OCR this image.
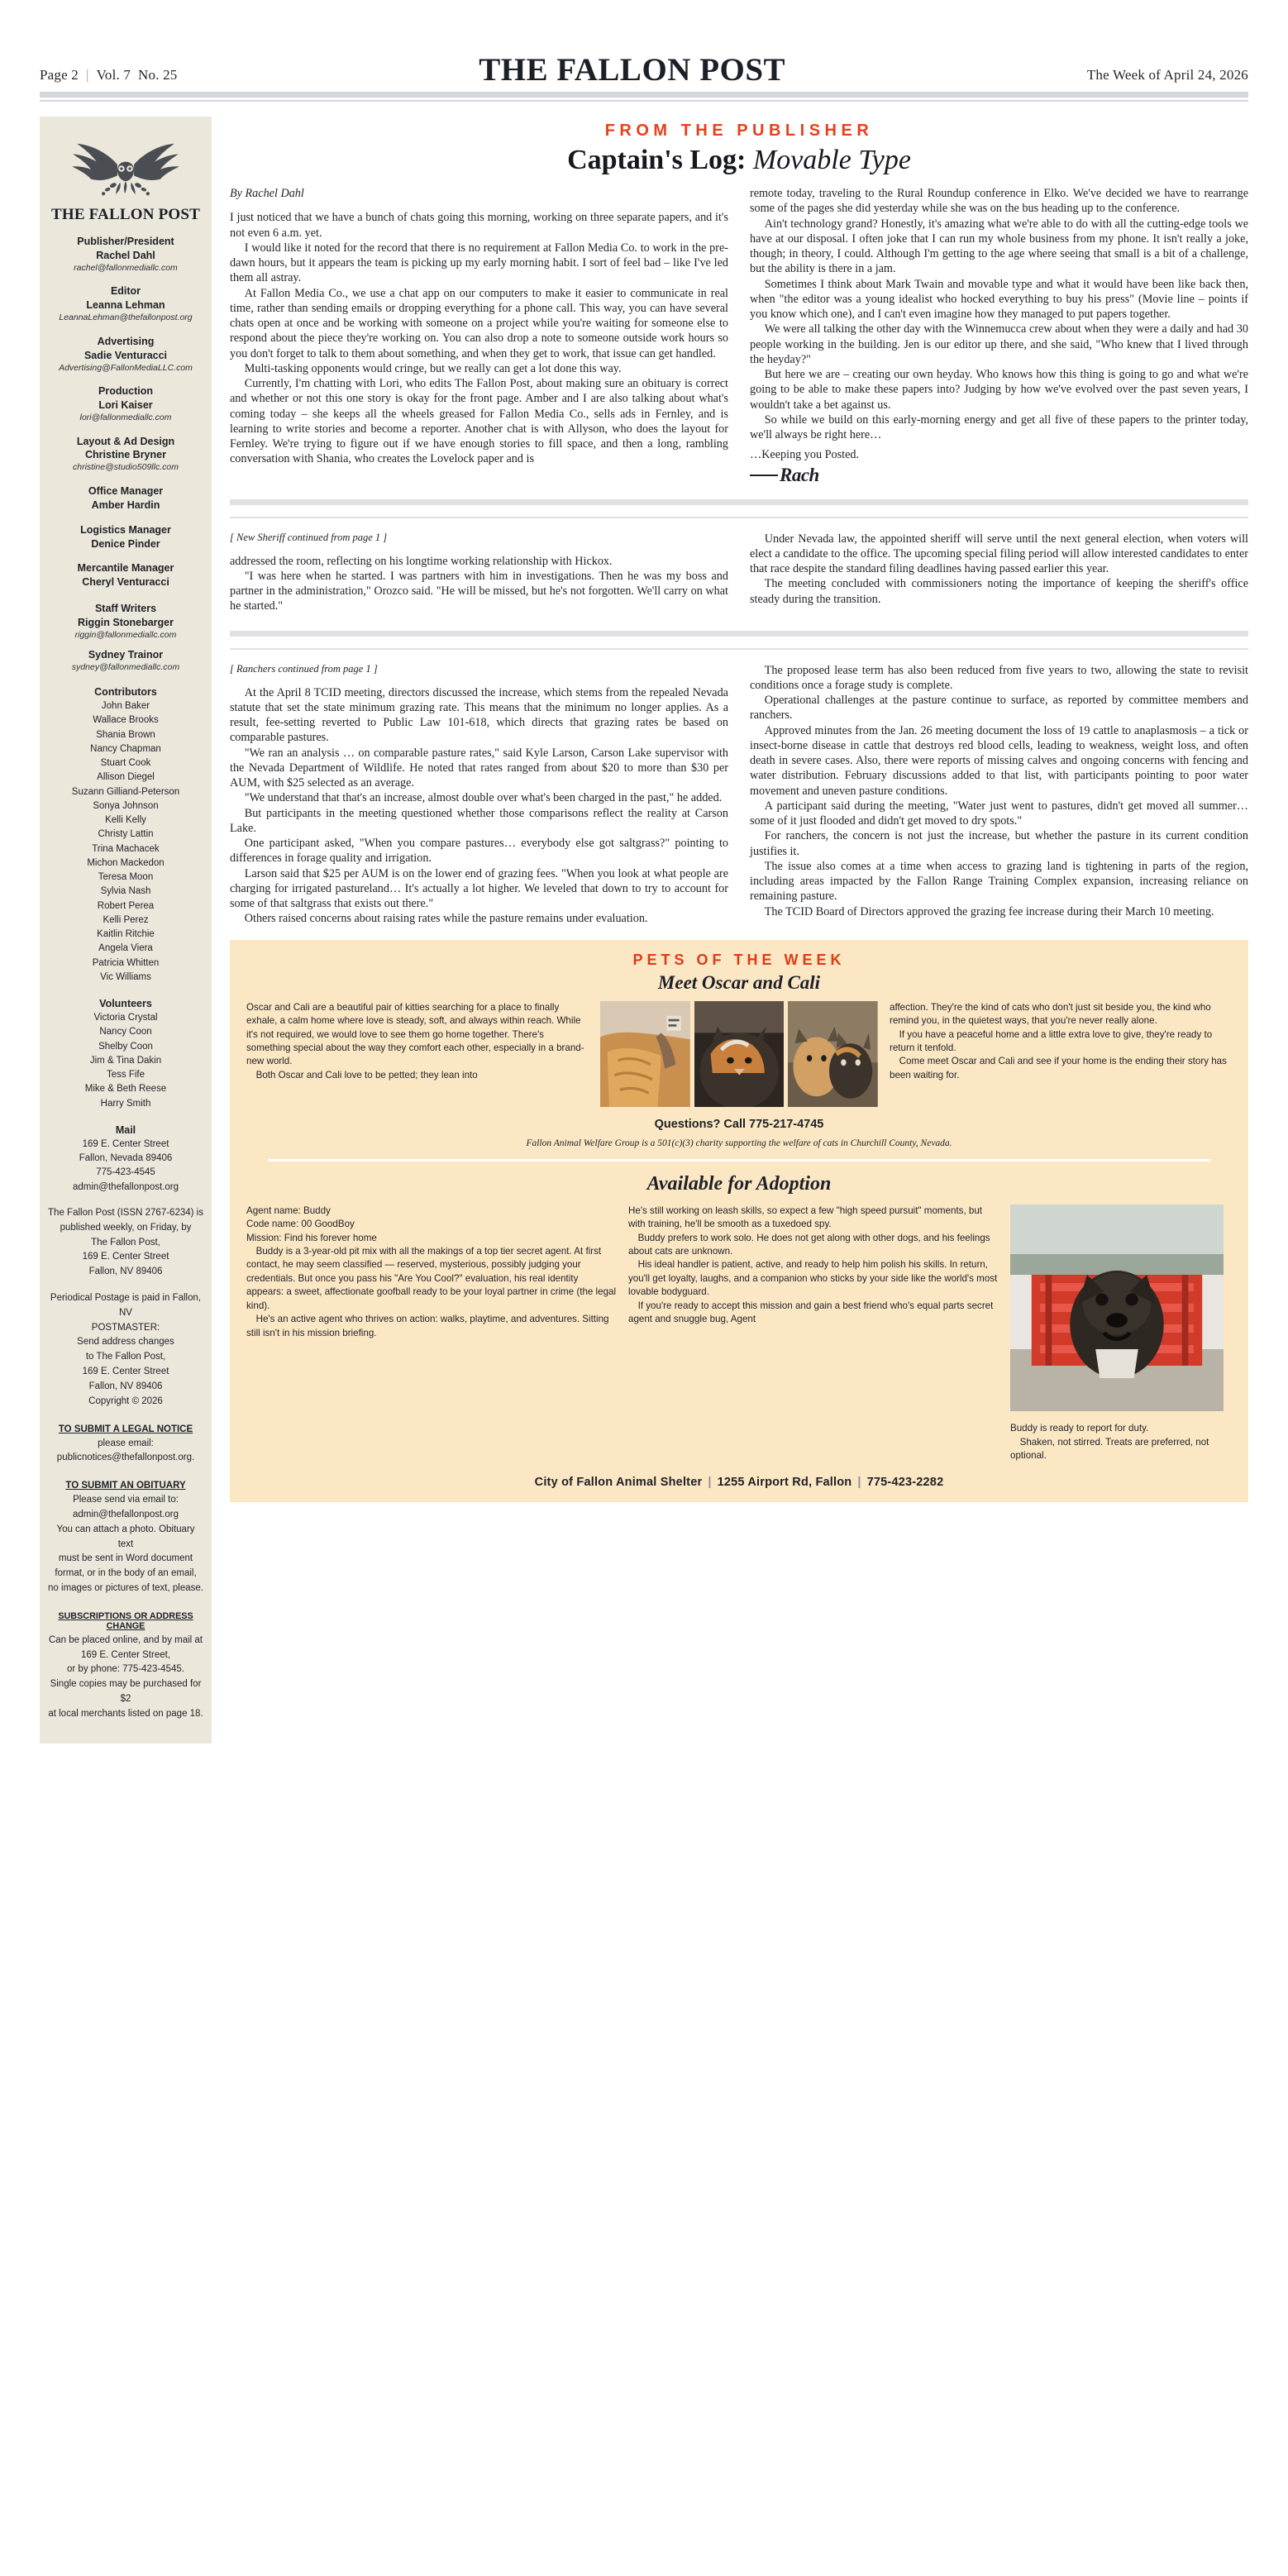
Page 2 | Vol. 7 No. 25	THE FALLON POST	The Week of April 24, 2026
THE FALLON POST
Publisher/President
Rachel Dahl
rachel@fallonmediallc.com
Editor
Leanna Lehman
LeannaLehman@thefallonpost.org
Advertising
Sadie Venturacci
Advertising@FallonMediaLLC.com
Production
Lori Kaiser
lori@fallonmediallc.com
Layout & Ad Design
Christine Bryner
christine@studio509llc.com
Office Manager
Amber Hardin
Logistics Manager
Denice Pinder
Mercantile Manager
Cheryl Venturacci
Staff Writers
Riggin Stonebarger
riggin@fallonmediallc.com
Sydney Trainor
sydney@fallonmediallc.com
Contributors
John Baker
Wallace Brooks
Shania Brown
Nancy Chapman
Stuart Cook
Allison Diegel
Suzann Gilliand-Peterson
Sonya Johnson
Kelli Kelly
Christy Lattin
Trina Machacek
Michon Mackedon
Teresa Moon
Sylvia Nash
Robert Perea
Kelli Perez
Kaitlin Ritchie
Angela Viera
Patricia Whitten
Vic Williams
Volunteers
Victoria Crystal
Nancy Coon
Shelby Coon
Jim & Tina Dakin
Tess Fife
Mike & Beth Reese
Harry Smith
Mail
169 E. Center Street
Fallon, Nevada 89406
775-423-4545
admin@thefallonpost.org
The Fallon Post (ISSN 2767-6234) is
published weekly, on Friday, by
The Fallon Post,
169 E. Center Street
Fallon, NV 89406
Periodical Postage is paid in Fallon, NV
POSTMASTER:
Send address changes
to The Fallon Post,
169 E. Center Street
Fallon, NV 89406
Copyright © 2026
TO SUBMIT A LEGAL NOTICE
please email:
publicnotices@thefallonpost.org.
TO SUBMIT AN OBITUARY
Please send via email to:
admin@thefallonpost.org
You can attach a photo. Obituary text
must be sent in Word document
format, or in the body of an email,
no images or pictures of text, please.
SUBSCRIPTIONS OR ADDRESS CHANGE
Can be placed online, and by mail at
169 E. Center Street,
or by phone: 775-423-4545.
Single copies may be purchased for $2
at local merchants listed on page 18.
FROM THE PUBLISHER
Captain's Log: Movable Type

By Rachel Dahl

I just noticed that we have a bunch of chats going this morning, working on three separate papers, and it's not even 6 a.m. yet.

I would like it noted for the record that there is no requirement at Fallon Media Co. to work in the pre-dawn hours, but it appears the team is picking up my early morning habit. I sort of feel bad – like I've led them all astray.

At Fallon Media Co., we use a chat app on our computers to make it easier to communicate in real time, rather than sending emails or dropping everything for a phone call. This way, you can have several chats open at once and be working with someone on a project while you're waiting for someone else to respond about the piece they're working on. You can also drop a note to someone outside work hours so you don't forget to talk to them about something, and when they get to work, that issue can get handled.

Multi-tasking opponents would cringe, but we really can get a lot done this way.

Currently, I'm chatting with Lori, who edits The Fallon Post, about making sure an obituary is correct and whether or not this one story is okay for the front page. Amber and I are also talking about what's coming today – she keeps all the wheels greased for Fallon Media Co., sells ads in Fernley, and is learning to write stories and become a reporter. Another chat is with Allyson, who does the layout for Fernley. We're trying to figure out if we have enough stories to fill space, and then a long, rambling conversation with Shania, who creates the Lovelock paper and is

remote today, traveling to the Rural Roundup conference in Elko. We've decided we have to rearrange some of the pages she did yesterday while she was on the bus heading up to the conference.

Ain't technology grand? Honestly, it's amazing what we're able to do with all the cutting-edge tools we have at our disposal. I often joke that I can run my whole business from my phone. It isn't really a joke, though; in theory, I could. Although I'm getting to the age where seeing that small is a bit of a challenge, but the ability is there in a jam.

Sometimes I think about Mark Twain and movable type and what it would have been like back then, when "the editor was a young idealist who hocked everything to buy his press" (Movie line – points if you know which one), and I can't even imagine how they managed to put papers together.

We were all talking the other day with the Winnemucca crew about when they were a daily and had 30 people working in the building. Jen is our editor up there, and she said, "Who knew that I lived through the heyday?"

But here we are – creating our own heyday. Who knows how this thing is going to go and what we're going to be able to make these papers into? Judging by how we've evolved over the past seven years, I wouldn't take a bet against us.

So while we build on this early-morning energy and get all five of these papers to the printer today, we'll always be right here…

…Keeping you Posted.

Rach
[ New Sheriff continued from page 1 ]

addressed the room, reflecting on his longtime working relationship with Hickox.

"I was here when he started. I was partners with him in investigations. Then he was my boss and partner in the administration," Orozco said. "He will be missed, but he's not forgotten. We'll carry on what he started."

Under Nevada law, the appointed sheriff will serve until the next general election, when voters will elect a candidate to the office. The upcoming special filing period will allow interested candidates to enter that race despite the standard filing deadlines having passed earlier this year.

The meeting concluded with commissioners noting the importance of keeping the sheriff's office steady during the transition.

[ Ranchers continued from page 1 ]

At the April 8 TCID meeting, directors discussed the increase, which stems from the repealed Nevada statute that set the state minimum grazing rate. This means that the minimum no longer applies. As a result, fee-setting reverted to Public Law 101-618, which directs that grazing rates be based on comparable pastures.

"We ran an analysis … on comparable pasture rates," said Kyle Larson, Carson Lake supervisor with the Nevada Department of Wildlife. He noted that rates ranged from about $20 to more than $30 per AUM, with $25 selected as an average.

"We understand that that's an increase, almost double over what's been charged in the past," he added.

But participants in the meeting questioned whether those comparisons reflect the reality at Carson Lake.

One participant asked, "When you compare pastures… everybody else got saltgrass?" pointing to differences in forage quality and irrigation.

Larson said that $25 per AUM is on the lower end of grazing fees. "When you look at what people are charging for irrigated pastureland… It's actually a lot higher. We leveled that down to try to account for some of that saltgrass that exists out there."

Others raised concerns about raising rates while the pasture remains under evaluation.

The proposed lease term has also been reduced from five years to two, allowing the state to revisit conditions once a forage study is complete.

Operational challenges at the pasture continue to surface, as reported by committee members and ranchers.

Approved minutes from the Jan. 26 meeting document the loss of 19 cattle to anaplasmosis – a tick or insect-borne disease in cattle that destroys red blood cells, leading to weakness, weight loss, and often death in severe cases. Also, there were reports of missing calves and ongoing concerns with fencing and water distribution. February discussions added to that list, with participants pointing to poor water movement and uneven pasture conditions.

A participant said during the meeting, "Water just went to pastures, didn't get moved all summer… some of it just flooded and didn't get moved to dry spots."

For ranchers, the concern is not just the increase, but whether the pasture in its current condition justifies it.

The issue also comes at a time when access to grazing land is tightening in parts of the region, including areas impacted by the Fallon Range Training Complex expansion, increasing reliance on remaining pasture.

The TCID Board of Directors approved the grazing fee increase during their March 10 meeting.

PETS OF THE WEEK
Meet Oscar and Cali

Oscar and Cali are a beautiful pair of kitties searching for a place to finally exhale, a calm home where love is steady, soft, and always within reach. While it's not required, we would love to see them go home together. There's something special about the way they comfort each other, especially in a brand-new world.

Both Oscar and Cali love to be petted; they lean into

affection. They're the kind of cats who don't just sit beside you, the kind who remind you, in the quietest ways, that you're never really alone.

If you have a peaceful home and a little extra love to give, they're ready to return it tenfold.

Come meet Oscar and Cali and see if your home is the ending their story has been waiting for.

Questions? Call 775-217-4745
Fallon Animal Welfare Group is a 501(c)(3) charity supporting the welfare of cats in Churchill County, Nevada.
Available for Adoption

Agent name: Buddy

Code name: 00 GoodBoy

Mission: Find his forever home

Buddy is a 3-year-old pit mix with all the makings of a top tier secret agent. At first contact, he may seem classified — reserved, mysterious, possibly judging your credentials. But once you pass his "Are You Cool?" evaluation, his real identity appears: a sweet, affectionate goofball ready to be your loyal partner in crime (the legal kind).

He's an active agent who thrives on action: walks, playtime, and adventures. Sitting still isn't in his mission briefing.

He's still working on leash skills, so expect a few "high speed pursuit" moments, but with training, he'll be smooth as a tuxedoed spy.

Buddy prefers to work solo. He does not get along with other dogs, and his feelings about cats are unknown.

His ideal handler is patient, active, and ready to help him polish his skills. In return, you'll get loyalty, laughs, and a companion who sticks by your side like the world's most lovable bodyguard.

If you're ready to accept this mission and gain a best friend who's equal parts secret agent and snuggle bug, Agent

Buddy is ready to report for duty.

Shaken, not stirred. Treats are preferred, not optional.

City of Fallon Animal Shelter | 1255 Airport Rd, Fallon | 775-423-2282
